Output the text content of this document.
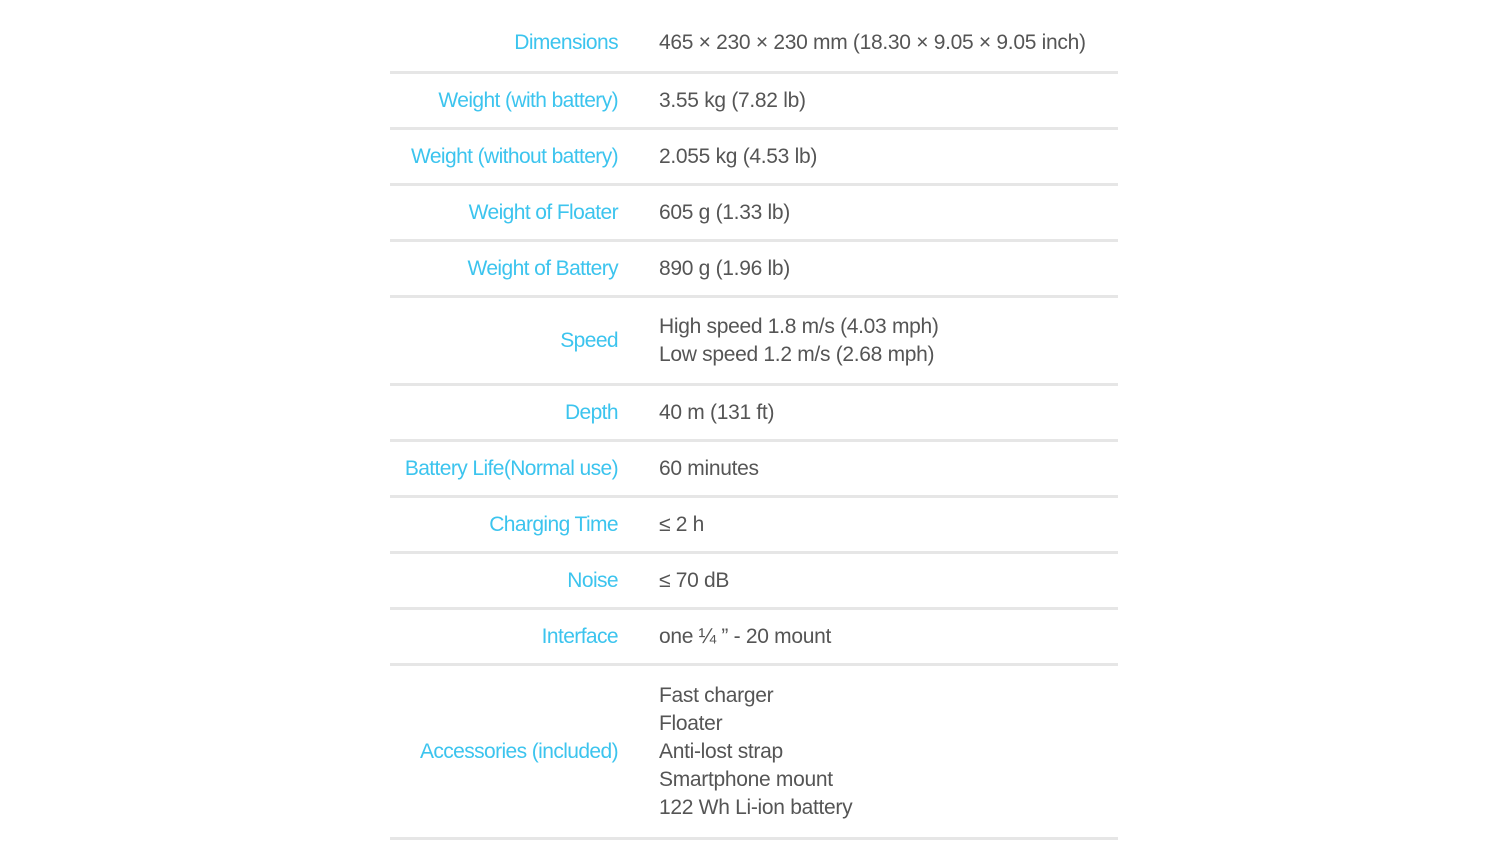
Dimensions 465 × 230 × 230 mm (18.30 × 9.05 × 9.05 inch)
Weight (with battery) 3.55 kg (7.82 lb)
Weight (without battery) 2.055 kg (4.53 lb)
Weight of Floater 605 g (1.33 lb)
Weight of Battery 890 g (1.96 lb)
Speed
High speed 1.8 m/s (4.03 mph)
Low speed 1.2 m/s (2.68 mph)
Depth 40 m (131 ft)
Battery Life(Normal use) 60 minutes
Charging Time ≤ 2 h
Noise ≤ 70 dB
Interface one ¼ ” - 20 mount
Accessories (included)
Fast charger
Floater
Anti-lost strap
Smartphone mount
122 Wh Li-ion battery
